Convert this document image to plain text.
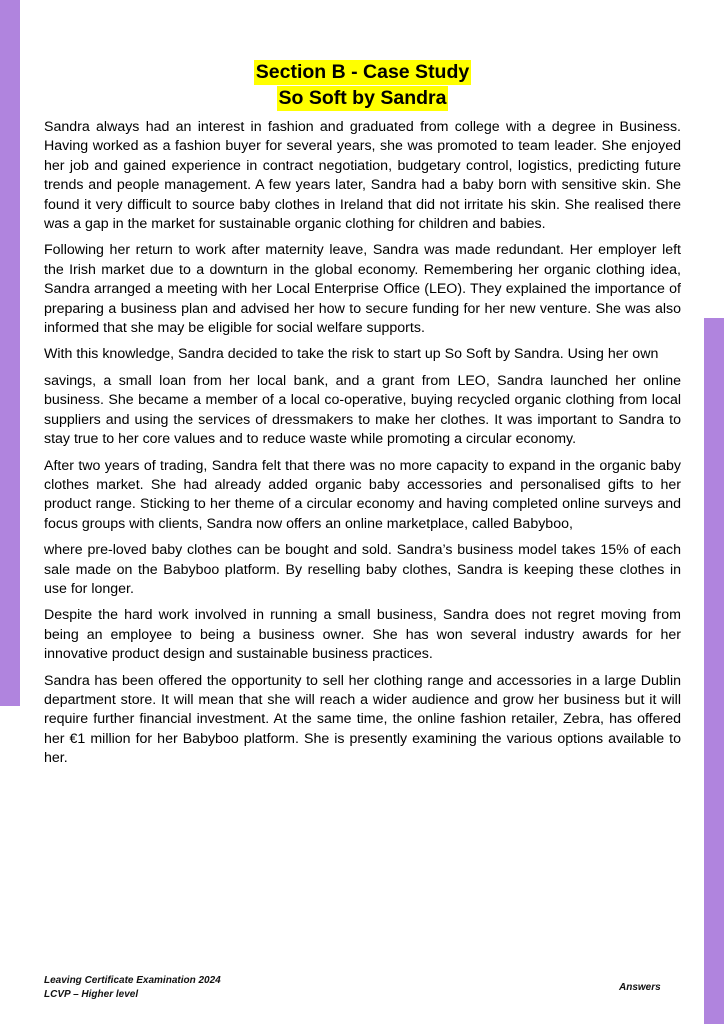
Section B - Case Study
So Soft by Sandra

Sandra always had an interest in fashion and graduated from college with a degree in Business. Having worked as a fashion buyer for several years, she was promoted to team leader. She enjoyed her job and gained experience in contract negotiation, budgetary control, logistics, predicting future trends and people management. A few years later, Sandra had a baby born with sensitive skin. She found it very difficult to source baby clothes in Ireland that did not irritate his skin. She realised there was a gap in the market for sustainable organic clothing for children and babies.

Following her return to work after maternity leave, Sandra was made redundant. Her employer left the Irish market due to a downturn in the global economy. Remembering her organic clothing idea, Sandra arranged a meeting with her Local Enterprise Office (LEO). They explained the importance of preparing a business plan and advised her how to secure funding for her new venture. She was also informed that she may be eligible for social welfare supports.

With this knowledge, Sandra decided to take the risk to start up So Soft by Sandra. Using her own

savings, a small loan from her local bank, and a grant from LEO, Sandra launched her online business. She became a member of a local co-operative, buying recycled organic clothing from local suppliers and using the services of dressmakers to make her clothes. It was important to Sandra to stay true to her core values and to reduce waste while promoting a circular economy.

After two years of trading, Sandra felt that there was no more capacity to expand in the organic baby clothes market. She had already added organic baby accessories and personalised gifts to her product range. Sticking to her theme of a circular economy and having completed online surveys and focus groups with clients, Sandra now offers an online marketplace, called Babyboo,

where pre-loved baby clothes can be bought and sold. Sandra’s business model takes 15% of each sale made on the Babyboo platform. By reselling baby clothes, Sandra is keeping these clothes in use for longer.

Despite the hard work involved in running a small business, Sandra does not regret moving from being an employee to being a business owner. She has won several industry awards for her innovative product design and sustainable business practices.

Sandra has been offered the opportunity to sell her clothing range and accessories in a large Dublin department store. It will mean that she will reach a wider audience and grow her business but it will require further financial investment. At the same time, the online fashion retailer, Zebra, has offered her €1 million for her Babyboo platform. She is presently examining the various options available to her.

Leaving Certificate Examination 2024
LCVP – Higher level
Answers
